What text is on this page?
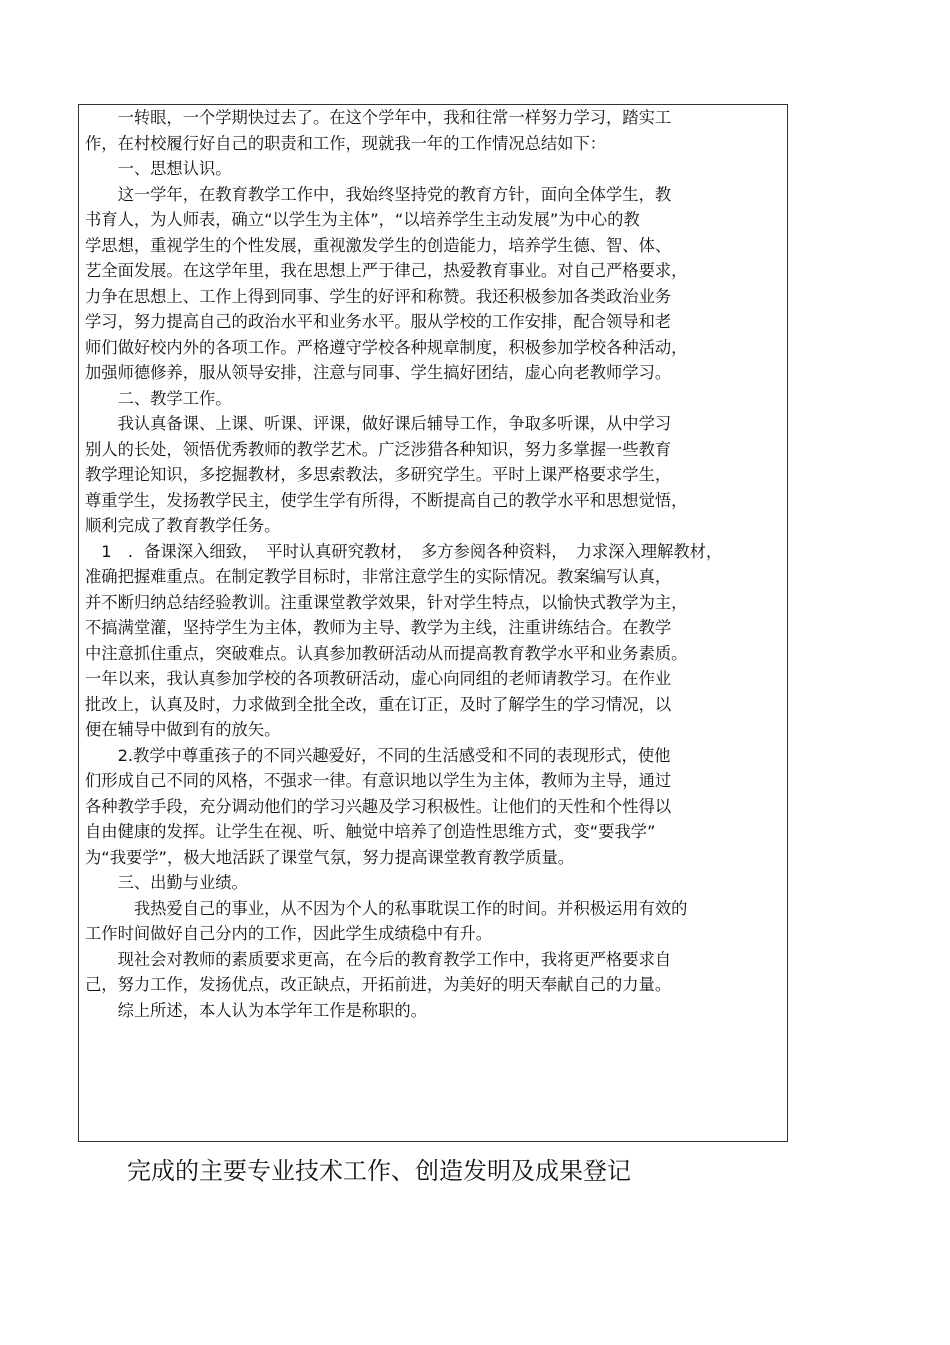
　　一转眼，一个学期快过去了。在这个学年中，我和往常一样努力学习，踏实工
作，在村校履行好自己的职责和工作，现就我一年的工作情况总结如下：
　　一、思想认识。
　　这一学年，在教育教学工作中，我始终坚持党的教育方针，面向全体学生，教
书育人，为人师表，确立“以学生为主体”，“以培养学生主动发展”为中心的教
学思想，重视学生的个性发展，重视激发学生的创造能力，培养学生德、智、体、
艺全面发展。在这学年里，我在思想上严于律己，热爱教育事业。对自己严格要求，
力争在思想上、工作上得到同事、学生的好评和称赞。我还积极参加各类政治业务
学习，努力提高自己的政治水平和业务水平。服从学校的工作安排，配合领导和老
师们做好校内外的各项工作。严格遵守学校各种规章制度，积极参加学校各种活动，
加强师德修养，服从领导安排，注意与同事、学生搞好团结，虚心向老教师学习。
　　二、教学工作。
　　我认真备课、上课、听课、评课，做好课后辅导工作，争取多听课，从中学习
别人的长处，领悟优秀教师的教学艺术。广泛涉猎各种知识，努力多掌握一些教育
教学理论知识，多挖掘教材，多思索教法，多研究学生。平时上课严格要求学生，
尊重学生，发扬教学民主，使学生学有所得，不断提高自己的教学水平和思想觉悟，
顺利完成了教育教学任务。
　1　．备课深入细致，　平时认真研究教材，　多方参阅各种资料，　力求深入理解教材，
准确把握难重点。在制定教学目标时，非常注意学生的实际情况。教案编写认真，
并不断归纳总结经验教训。注重课堂教学效果，针对学生特点，以愉快式教学为主，
不搞满堂灌，坚持学生为主体，教师为主导、教学为主线，注重讲练结合。在教学
中注意抓住重点，突破难点。认真参加教研活动从而提高教育教学水平和业务素质。
一年以来，我认真参加学校的各项教研活动，虚心向同组的老师请教学习。在作业
批改上，认真及时，力求做到全批全改，重在订正，及时了解学生的学习情况，以
便在辅导中做到有的放矢。
　　2.教学中尊重孩子的不同兴趣爱好，不同的生活感受和不同的表现形式，使他
们形成自己不同的风格，不强求一律。有意识地以学生为主体，教师为主导，通过
各种教学手段，充分调动他们的学习兴趣及学习积极性。让他们的天性和个性得以
自由健康的发挥。让学生在视、听、触觉中培养了创造性思维方式，变“要我学”
为“我要学”，极大地活跃了课堂气氛，努力提高课堂教育教学质量。
　　三、出勤与业绩。
　　　我热爱自己的事业，从不因为个人的私事耽误工作的时间。并积极运用有效的
工作时间做好自己分内的工作，因此学生成绩稳中有升。
　　现社会对教师的素质要求更高，在今后的教育教学工作中，我将更严格要求自
己，努力工作，发扬优点，改正缺点，开拓前进，为美好的明天奉献自己的力量。
　　综上所述，本人认为本学年工作是称职的。
完成的主要专业技术工作、创造发明及成果登记
